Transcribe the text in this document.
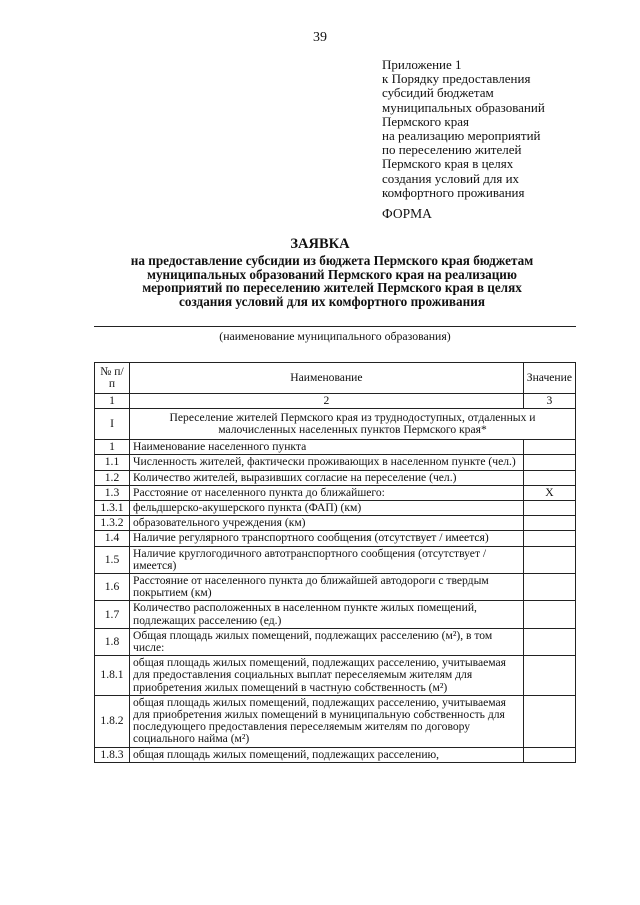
39
Приложение 1
к Порядку предоставления
субсидий бюджетам
муниципальных образований
Пермского края
на реализацию мероприятий
по переселению жителей
Пермского края в целях
создания условий для их
комфортного проживания
ФОРМА
ЗАЯВКА
на предоставление субсидии из бюджета Пермского края бюджетам
муниципальных образований Пермского края на реализацию
мероприятий по переселению жителей Пермского края в целях
создания условий для их комфортного проживания
(наименование муниципального образования)
№ п/п	Наименование	Значение
1	2	3
I	Переселение жителей Пермского края из труднодоступных, отдаленных и малочисленных населенных пунктов Пермского края*	
1	Наименование населенного пункта	
1.1	Численность жителей, фактически проживающих в населенном пункте (чел.)	
1.2	Количество жителей, выразивших согласие на переселение (чел.)	
1.3	Расстояние от населенного пункта до ближайшего:	Х
1.3.1	фельдшерско-акушерского пункта (ФАП) (км)	
1.3.2	образовательного учреждения (км)	
1.4	Наличие регулярного транспортного сообщения (отсутствует / имеется)	
1.5	Наличие круглогодичного автотранспортного сообщения (отсутствует / имеется)	
1.6	Расстояние от населенного пункта до ближайшей автодороги с твердым покрытием (км)	
1.7	Количество расположенных в населенном пункте жилых помещений, подлежащих расселению (ед.)	
1.8	Общая площадь жилых помещений, подлежащих расселению (м²), в том числе:	
1.8.1	общая площадь жилых помещений, подлежащих расселению, учитываемая для предоставления социальных выплат переселяемым жителям для приобретения жилых помещений в частную собственность (м²)	
1.8.2	общая площадь жилых помещений, подлежащих расселению, учитываемая для приобретения жилых помещений в муниципальную собственность для последующего предоставления переселяемым жителям по договору социального найма (м²)	
1.8.3	общая площадь жилых помещений, подлежащих расселению,	
